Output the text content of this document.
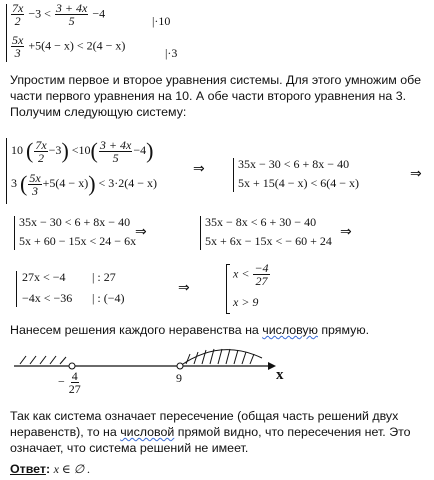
$\frac{7x}{2} -3 < \frac{3 + 4x}{5} -4$
|·10
$\frac{5x}{3} +5(4 - x) < 2(4 - x)$
|·3
Упростим первое и второе уравнения системы. Для этого умножим обе части первого уравнения на 10. А обе части второго уравнения на 3. Получим следующую систему:
10 ( $\frac{7x}{2} -3) <10( \frac{3 + 4x}{5} -4)$
3 ( $\frac{5x}{3} +5(4 - x)) < 3\cdot 2(4 - x)$
⇒	35x − 30 < 6 + 8x − 40
5x + 15(4 − x) < 6(4 − x)
⇒
35x − 30 < 6 + 8x − 40
5x + 60 − 15x < 24 − 6x
⇒
35x − 8x < 6 + 30 − 40
5x + 6x − 15x < − 60 + 24
⇒
27x < −4 | : 27
−4x < −36 | : (−4)
⇒
$x < \frac{-4}{27}$
x > 9
Нанесем решения каждого неравенства на числовую прямую.
x
− $\frac{4}{27}$	9
Так как система означает пересечение (общая часть решений двух неравенств), то на числовой прямой видно, что пересечения нет. Это означает, что система решений не имеет.
Ответ: x ∈ ∅ .
